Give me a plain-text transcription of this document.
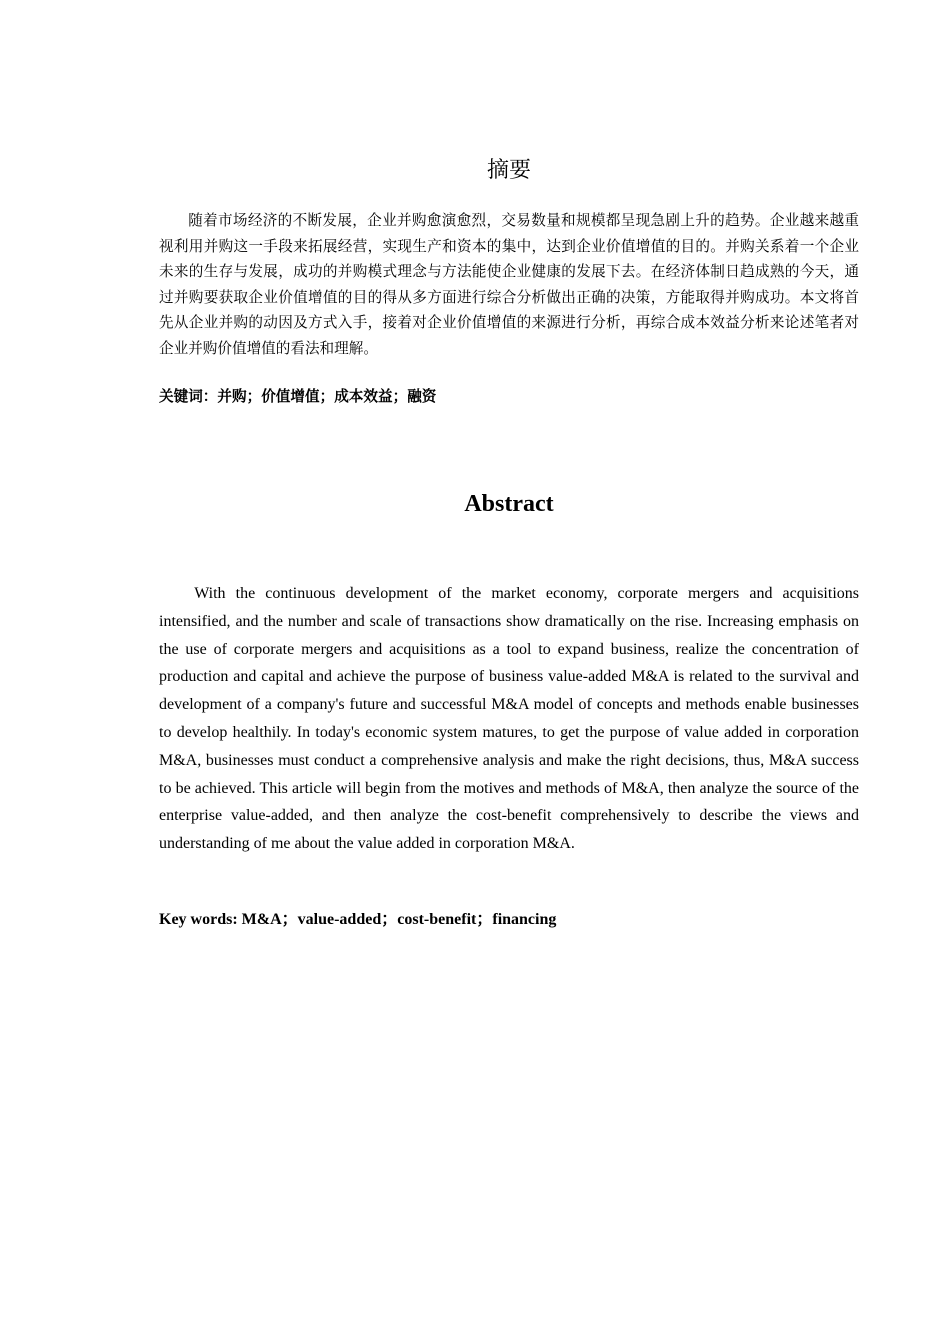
摘要

随着市场经济的不断发展，企业并购愈演愈烈，交易数量和规模都呈现急剧上升的趋势。企业越来越重视利用并购这一手段来拓展经营，实现生产和资本的集中，达到企业价值增值的目的。并购关系着一个企业未来的生存与发展，成功的并购模式理念与方法能使企业健康的发展下去。在经济体制日趋成熟的今天，通过并购要获取企业价值增值的目的得从多方面进行综合分析做出正确的决策，方能取得并购成功。本文将首先从企业并购的动因及方式入手，接着对企业价值增值的来源进行分析，再综合成本效益分析来论述笔者对企业并购价值增值的看法和理解。

关键词：并购；价值增值；成本效益；融资

Abstract

With the continuous development of the market economy, corporate mergers and acquisitions intensified, and the number and scale of transactions show dramatically on the rise. Increasing emphasis on the use of corporate mergers and acquisitions as a tool to expand business, realize the concentration of production and capital and achieve the purpose of business value-added M&A is related to the survival and development of a company's future and successful M&A model of concepts and methods enable businesses to develop healthily. In today's economic system matures, to get the purpose of value added in corporation M&A, businesses must conduct a comprehensive analysis and make the right decisions, thus, M&A success to be achieved. This article will begin from the motives and methods of M&A, then analyze the source of the enterprise value-added, and then analyze the cost-benefit comprehensively to describe the views and understanding of me about the value added in corporation M&A.

Key words: M&A；value-added；cost-benefit；financing
